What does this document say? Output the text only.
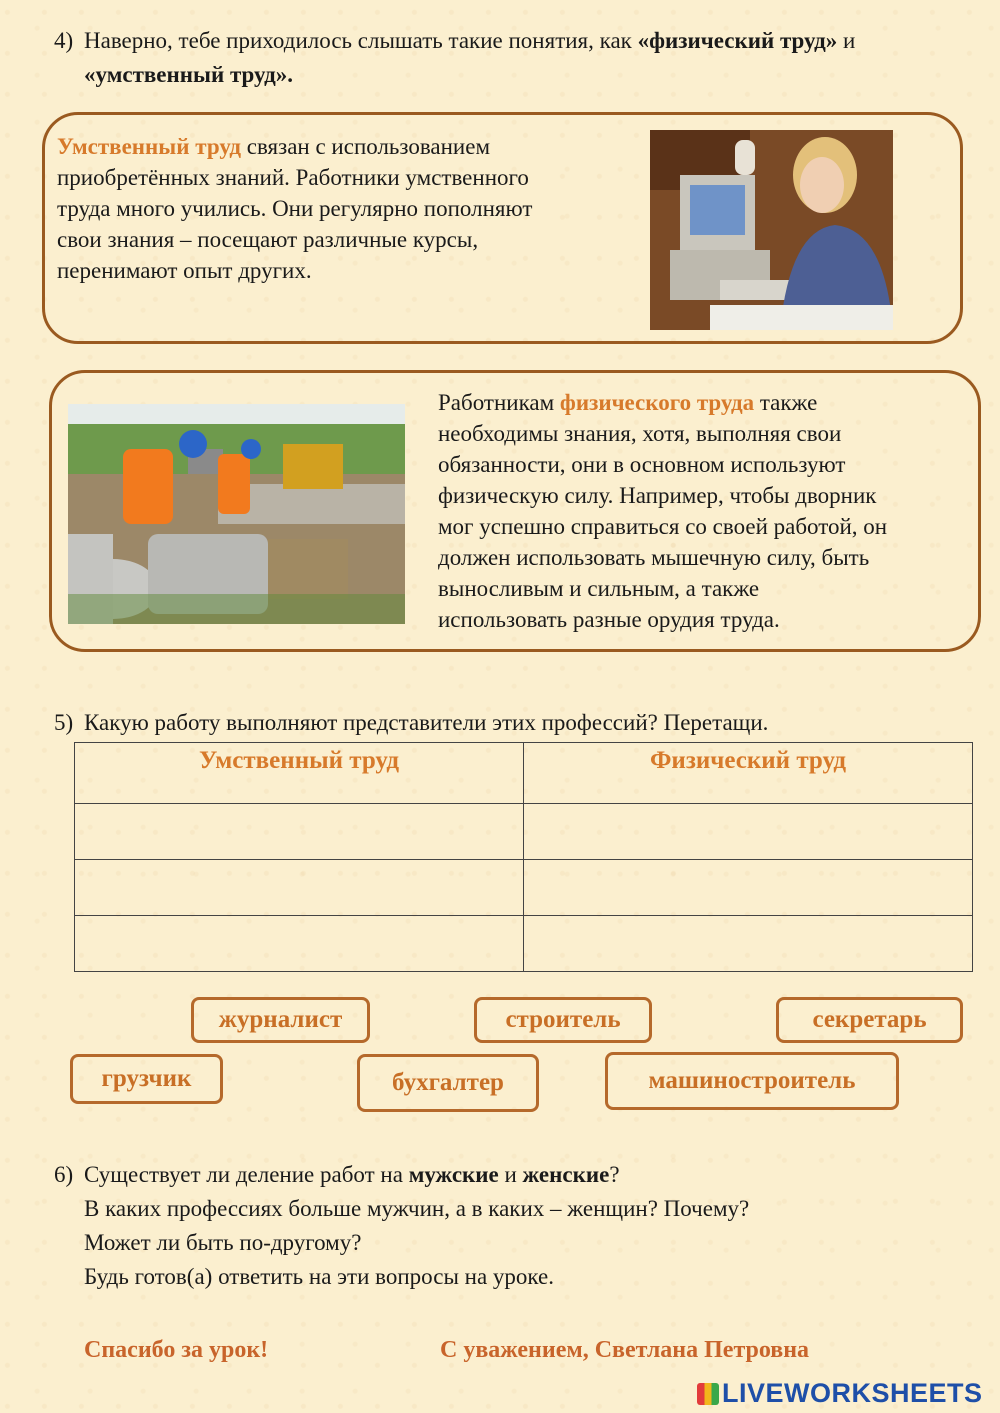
4) Наверно, тебе приходилось слышать такие понятия, как «физический труд» и «умственный труд».
Умственный труд связан с использованием
приобретённых знаний. Работники умственного
труда много учились. Они регулярно пополняют
свои знания – посещают различные курсы,
перенимают опыт других.
Работникам физического труда также
необходимы знания, хотя, выполняя свои
обязанности, они в основном используют
физическую силу. Например, чтобы дворник
мог успешно справиться со своей работой, он
должен использовать мышечную силу, быть
выносливым и сильным, а также
использовать разные орудия труда.
5) Какую работу выполняют представители этих профессий? Перетащи.
Умственный труд	Физический труд

журналист	строитель	секретарь
грузчик	бухгалтер	машиностроитель
6) Существует ли деление работ на мужские и женские?
В каких профессиях больше мужчин, а в каких – женщин? Почему?
Может ли быть по-другому?
Будь готов(а) ответить на эти вопросы на уроке.
Спасибо за урок!	С уважением, Светлана Петровна
LIVEWORKSHEETS
